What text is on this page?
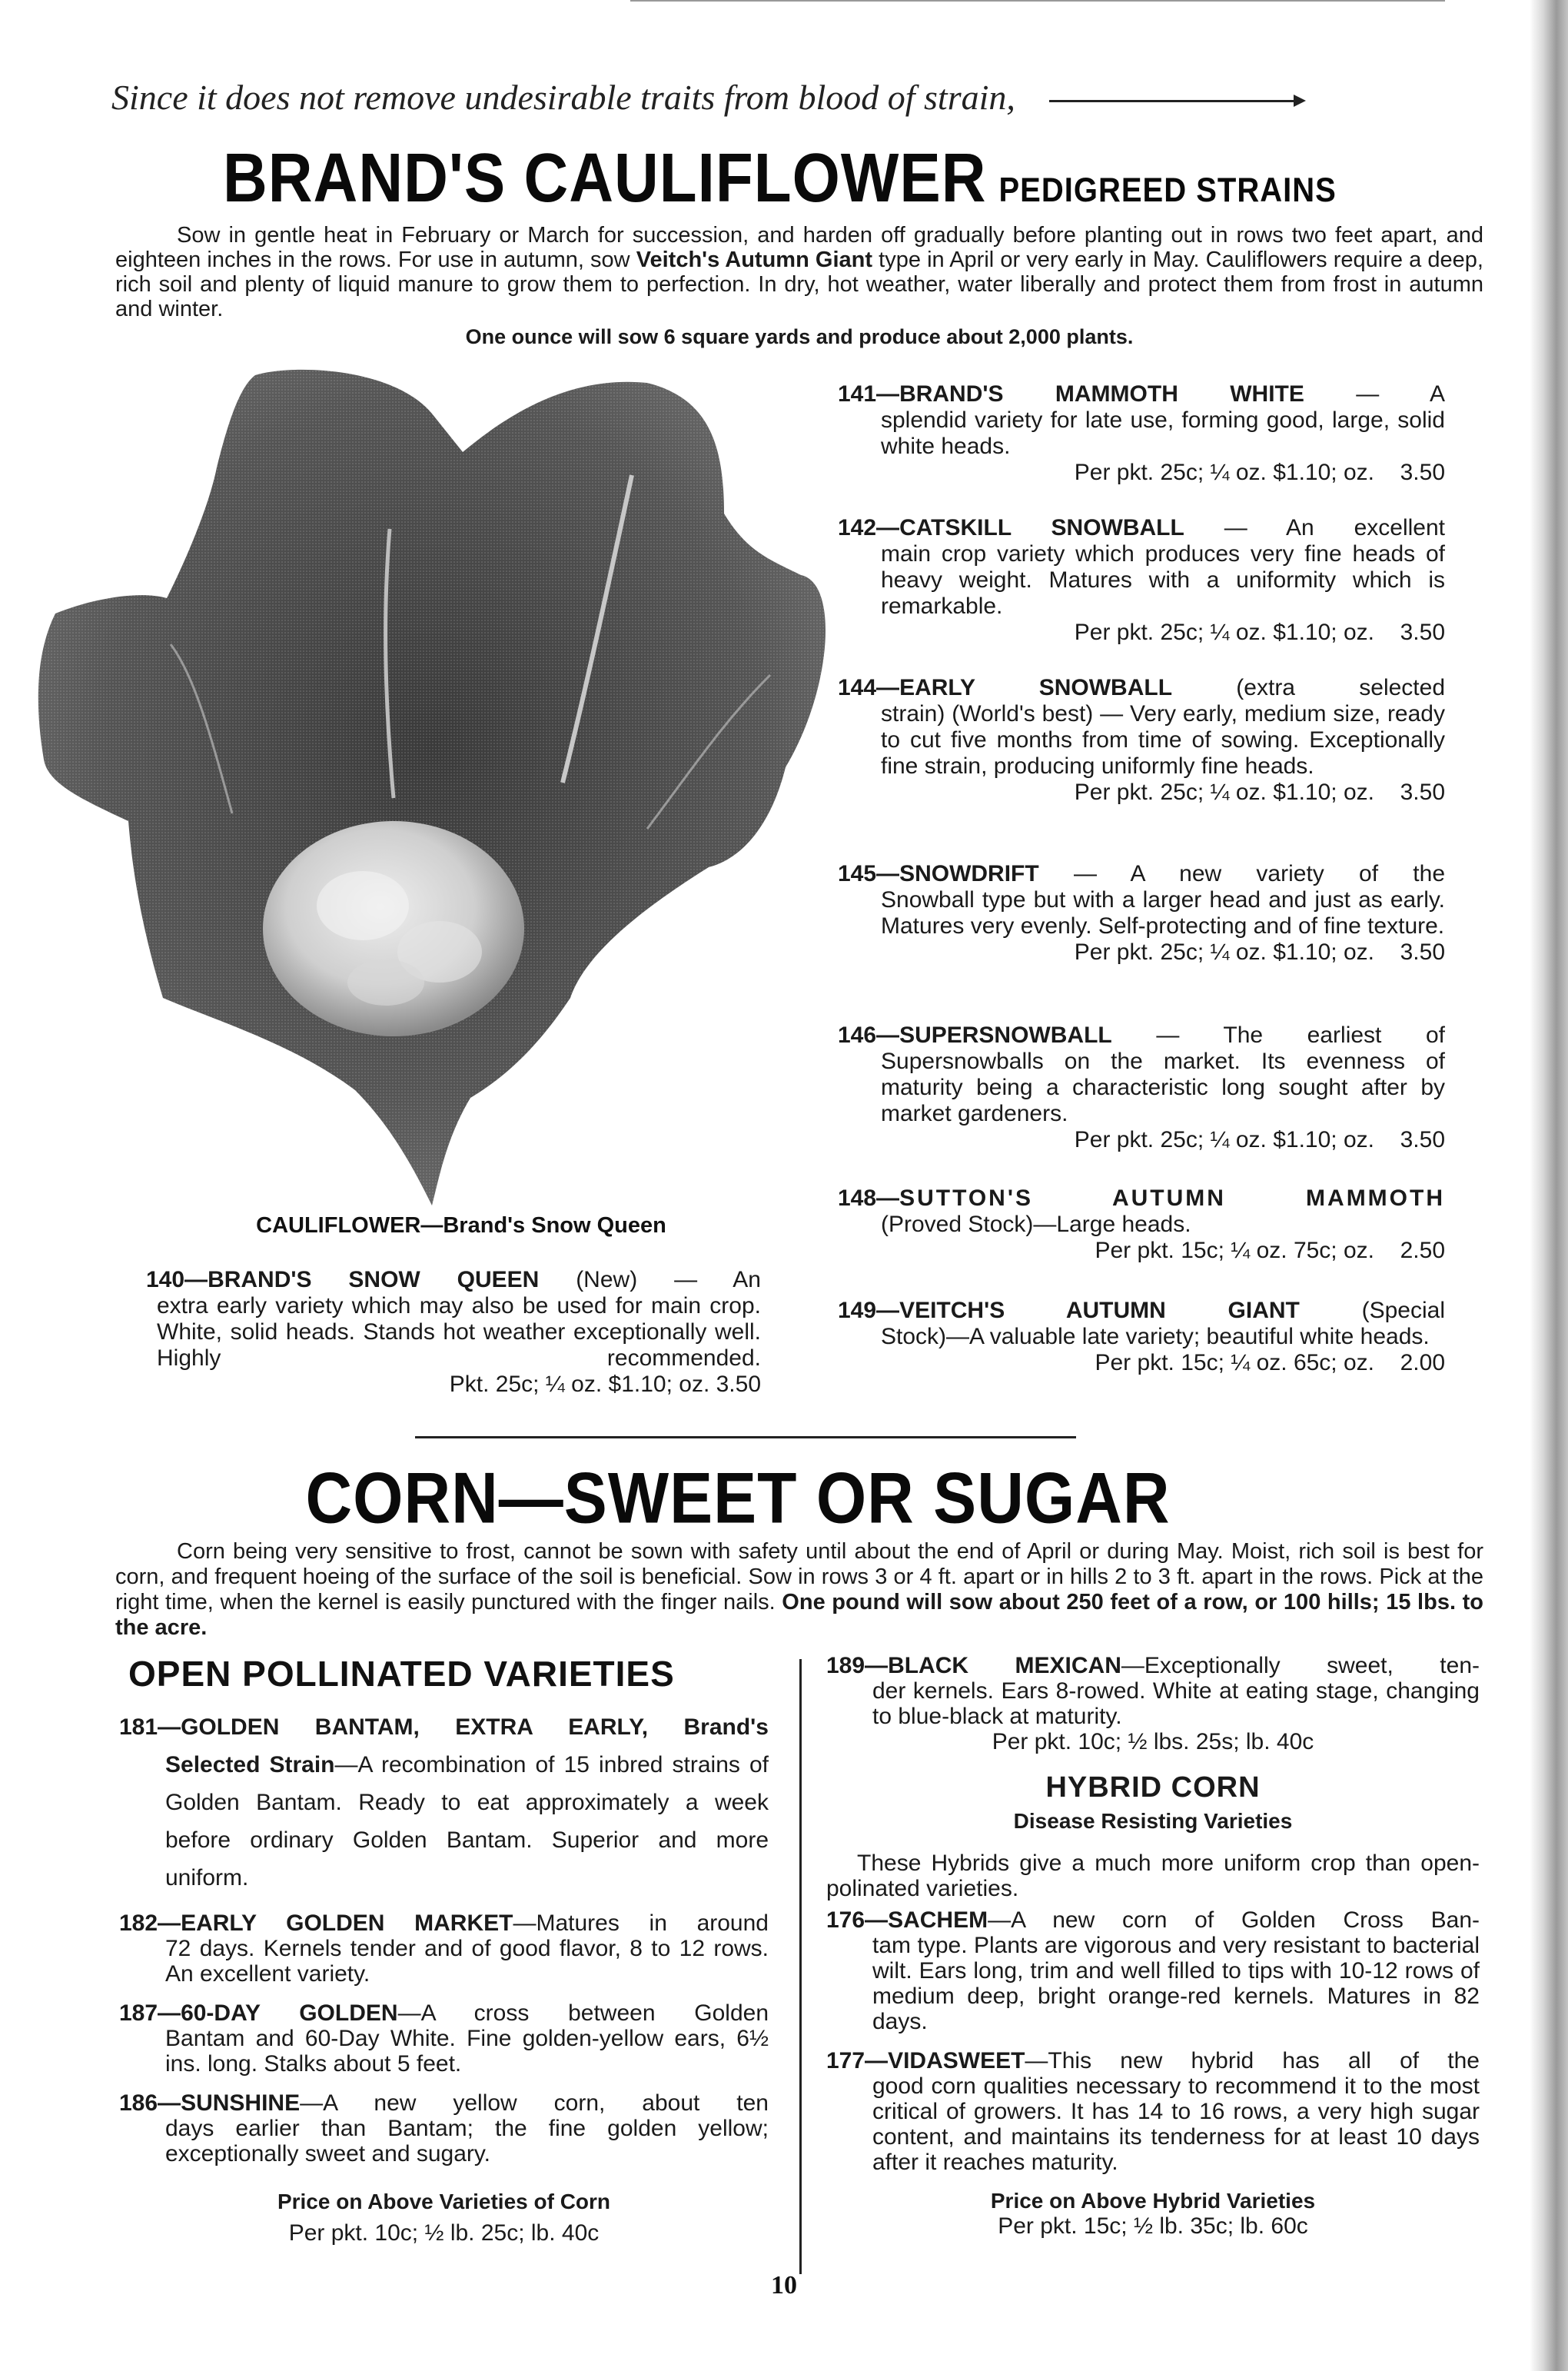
Since it does not remove undesirable traits from blood of strain,
BRAND'S CAULIFLOWER PEDIGREED STRAINS

Sow in gentle heat in February or March for succession, and harden off gradually before planting out in rows two feet apart, and eighteen inches in the rows. For use in autumn, sow Veitch's Autumn Giant type in April or very early in May. Cauliflowers require a deep, rich soil and plenty of liquid manure to grow them to perfection. In dry, hot weather, water liberally and protect them from frost in autumn and winter.

One ounce will sow 6 square yards and produce about 2,000 plants.

CAULIFLOWER—Brand's Snow Queen
140—BRAND'S SNOW QUEEN (New) — An
extra early variety which may also be used for main crop. White, solid heads. Stands hot weather exceptionally well. Highly recommended.
Pkt. 25c; ¼ oz. $1.10; oz. 3.50
141—BRAND'S MAMMOTH WHITE — A
splendid variety for late use, forming good, large, solid white heads.
Per pkt. 25c; ¼ oz. $1.10; oz. 3.50
142—CATSKILL SNOWBALL — An excellent
main crop variety which produces very fine heads of heavy weight. Matures with a uniformity which is remarkable.
Per pkt. 25c; ¼ oz. $1.10; oz. 3.50
144—EARLY SNOWBALL (extra selected
strain) (World's best) — Very early, medium size, ready to cut five months from time of sowing. Exceptionally fine strain, producing uniformly fine heads.
Per pkt. 25c; ¼ oz. $1.10; oz. 3.50
145—SNOWDRIFT — A new variety of the
Snowball type but with a larger head and just as early. Matures very evenly. Self-protecting and of fine texture.
Per pkt. 25c; ¼ oz. $1.10; oz. 3.50
146—SUPERSNOWBALL — The earliest of
Supersnowballs on the market. Its evenness of maturity being a characteristic long sought after by market gardeners.
Per pkt. 25c; ¼ oz. $1.10; oz. 3.50
148—SUTTON'S AUTUMN MAMMOTH
(Proved Stock)—Large heads.
Per pkt. 15c; ¼ oz. 75c; oz. 2.50
149—VEITCH'S AUTUMN GIANT (Special
Stock)—A valuable late variety; beautiful white heads.
Per pkt. 15c; ¼ oz. 65c; oz. 2.00
CORN—SWEET OR SUGAR

Corn being very sensitive to frost, cannot be sown with safety until about the end of April or during May. Moist, rich soil is best for corn, and frequent hoeing of the surface of the soil is beneficial. Sow in rows 3 or 4 ft. apart or in hills 2 to 3 ft. apart in the rows. Pick at the right time, when the kernel is easily punctured with the finger nails. One pound will sow about 250 feet of a row, or 100 hills; 15 lbs. to the acre.

OPEN POLLINATED VARIETIES
181—GOLDEN BANTAM, EXTRA EARLY, Brand's
Selected Strain—A recombination of 15 inbred strains of Golden Bantam. Ready to eat approximately a week before ordinary Golden Bantam. Superior and more uniform.
182—EARLY GOLDEN MARKET—Matures in around
72 days. Kernels tender and of good flavor, 8 to 12 rows. An excellent variety.
187—60-DAY GOLDEN—A cross between Golden
Bantam and 60-Day White. Fine golden-yellow ears, 6½ ins. long. Stalks about 5 feet.
186—SUNSHINE—A new yellow corn, about ten
days earlier than Bantam; the fine golden yellow; exceptionally sweet and sugary.
Price on Above Varieties of Corn
Per pkt. 10c; ½ lb. 25c; lb. 40c
189—BLACK MEXICAN—Exceptionally sweet, ten-
der kernels. Ears 8-rowed. White at eating stage, changing to blue-black at maturity.
Per pkt. 10c; ½ lbs. 25s; lb. 40c
HYBRID CORN
Disease Resisting Varieties
These Hybrids give a much more uniform crop than open-polinated varieties.
176—SACHEM—A new corn of Golden Cross Ban-
tam type. Plants are vigorous and very resistant to bacterial wilt. Ears long, trim and well filled to tips with 10-12 rows of medium deep, bright orange-red kernels. Matures in 82 days.
177—VIDASWEET—This new hybrid has all of the
good corn qualities necessary to recommend it to the most critical of growers. It has 14 to 16 rows, a very high sugar content, and maintains its tenderness for at least 10 days after it reaches maturity.
Price on Above Hybrid Varieties
Per pkt. 15c; ½ lb. 35c; lb. 60c
10
